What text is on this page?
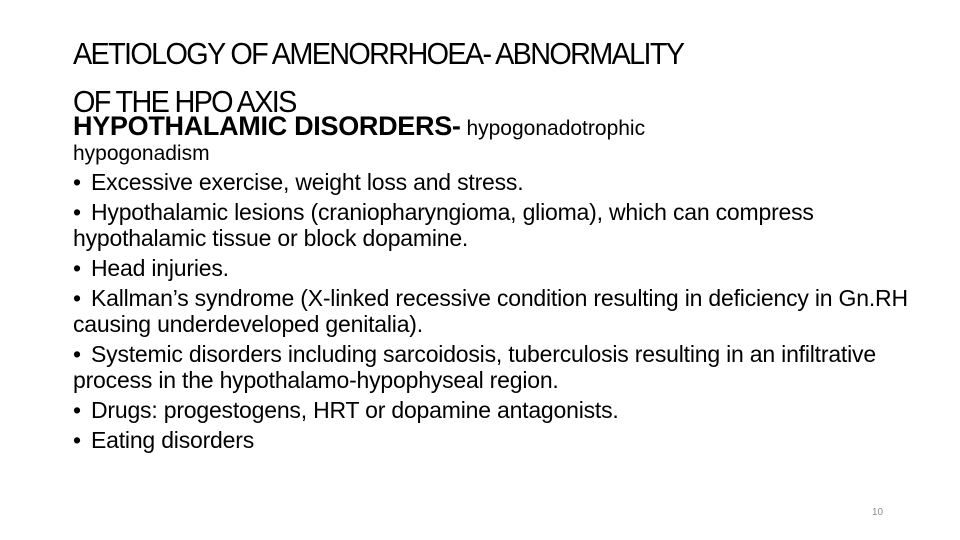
AETIOLOGY OF AMENORRHOEA- ABNORMALITY
OF THE HPO AXIS

HYPOTHALAMIC DISORDERS- hypogonadotrophic

hypogonadism

• Excessive exercise, weight loss and stress.
• Hypothalamic lesions (craniopharyngioma, glioma), which can compress hypothalamic tissue or block dopamine.
• Head injuries.
• Kallman’s syndrome (X-linked recessive condition resulting in deficiency in Gn.RH causing underdeveloped genitalia).
• Systemic disorders including sarcoidosis, tuberculosis resulting in an infiltrative process in the hypothalamo-hypophyseal region.
• Drugs: progestogens, HRT or dopamine antagonists.
• Eating disorders
10
